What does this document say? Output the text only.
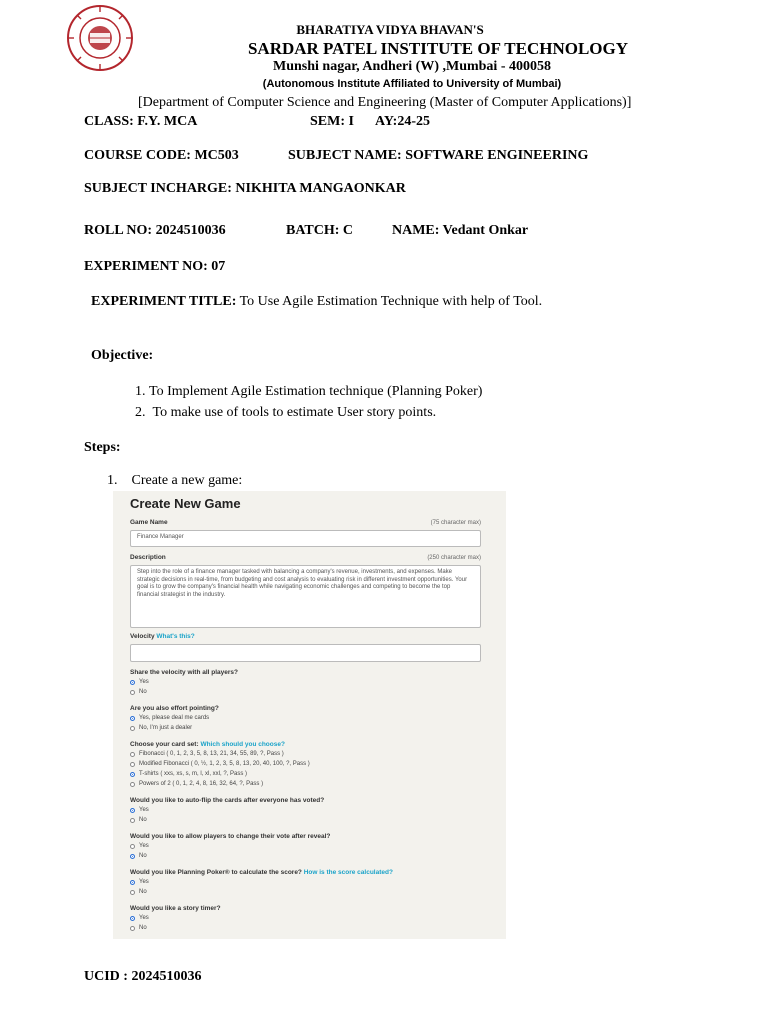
BHARATIYA VIDYA BHAVAN'S
SARDAR PATEL INSTITUTE OF TECHNOLOGY
Munshi nagar, Andheri (W) ,Mumbai - 400058
(Autonomous Institute Affiliated to University of Mumbai)
[Department of Computer Science and Engineering (Master of Computer Applications)]
CLASS: F.Y. MCA	SEM: I AY:24-25
COURSE CODE: MC503	SUBJECT NAME: SOFTWARE ENGINEERING
SUBJECT INCHARGE: NIKHITA MANGAONKAR
ROLL NO: 2024510036	BATCH: C	NAME: Vedant Onkar
EXPERIMENT NO: 07
EXPERIMENT TITLE: To Use Agile Estimation Technique with help of Tool.
Objective:
1. To Implement Agile Estimation technique (Planning Poker)
2.  To make use of tools to estimate User story points.
Steps:
1.    Create a new game:
Create New Game
Game Name	(75 character max)
Finance Manager
Description	(250 character max)
Step into the role of a finance manager tasked with balancing a company's revenue, investments, and expenses. Make strategic decisions in real-time, from budgeting and cost analysis to evaluating risk in different investment opportunities. Your goal is to grow the company's financial health while navigating economic challenges and competing to become the top financial strategist in the industry.
Velocity What's this?
Share the velocity with all players?
Yes
No
Are you also effort pointing?
Yes, please deal me cards
No, I'm just a dealer
Choose your card set: Which should you choose?
Fibonacci ( 0, 1, 2, 3, 5, 8, 13, 21, 34, 55, 89, ?, Pass )
Modified Fibonacci ( 0, ½, 1, 2, 3, 5, 8, 13, 20, 40, 100, ?, Pass )
T-shirts ( xxs, xs, s, m, l, xl, xxl, ?, Pass )
Powers of 2 ( 0, 1, 2, 4, 8, 16, 32, 64, ?, Pass )
Would you like to auto-flip the cards after everyone has voted?
Yes
No
Would you like to allow players to change their vote after reveal?
Yes
No
Would you like Planning Poker® to calculate the score? How is the score calculated?
Yes
No
Would you like a story timer?
Yes
No
UCID : 2024510036
